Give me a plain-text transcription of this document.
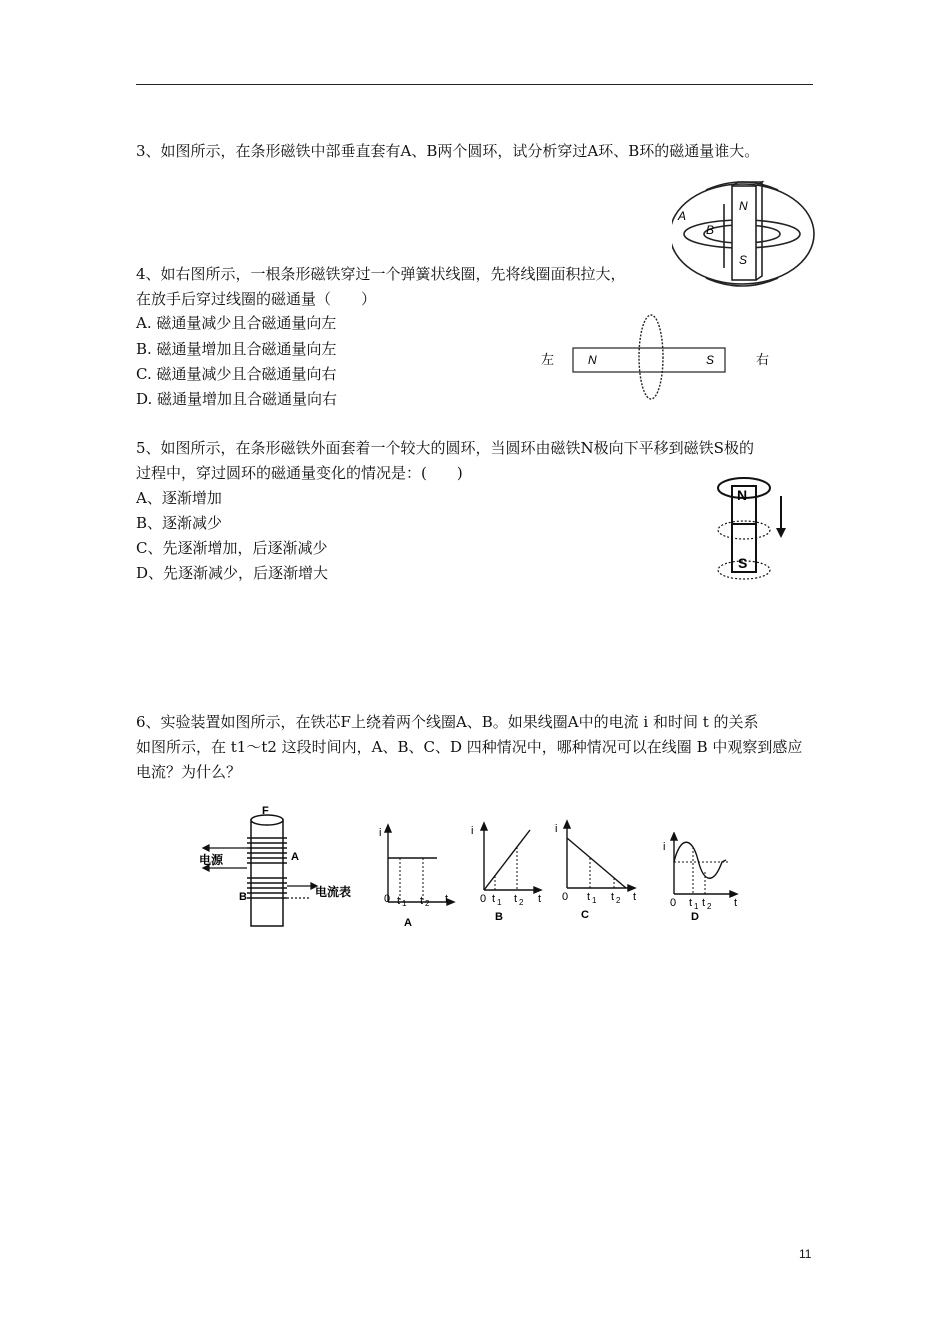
3、如图所示，在条形磁铁中部垂直套有A、B两个圆环，试分析穿过A环、B环的磁通量谁大。
A
B
N
S
4、如右图所示，一根条形磁铁穿过一个弹簧状线圈，先将线圈面积拉大，
在放手后穿过线圈的磁通量（　　）
A. 磁通量减少且合磁通量向左
B. 磁通量增加且合磁通量向左
C. 磁通量减少且合磁通量向右
D. 磁通量增加且合磁通量向右
左	N	S	右
5、如图所示，在条形磁铁外面套着一个较大的圆环，当圆环由磁铁N极向下平移到磁铁S极的
过程中，穿过圆环的磁通量变化的情况是：(　　)
A、逐渐增加
B、逐渐减少
C、先逐渐增加，后逐渐减少
D、先逐渐减少，后逐渐增大
N
S
6、实验装置如图所示，在铁芯F上绕着两个线圈A、B。如果线圈A中的电流 i 和时间 t 的关系
如图所示，在 t1～t2 这段时间内，A、B、C、D 四种情况中，哪种情况可以在线圈 B 中观察到感应
电流？为什么？
F
A
B
电源
电流表
i
t
0 t 1 t 2
A
i
t
0 t 1 t 2
B
i
t
0 t 1 t 2
C
i
t
0 t 1 t 2
D
11
